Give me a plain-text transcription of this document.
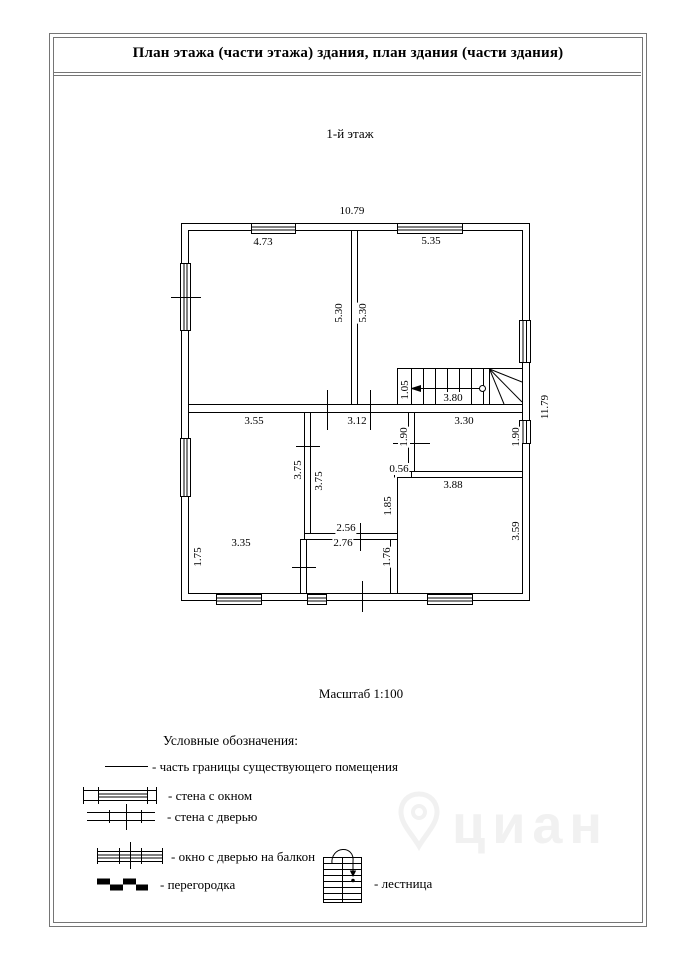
План этажа (части этажа) здания, план здания (части здания)
1-й этаж
циан
10.79
4.73	5.35
5.30 5.30
1.05	3.80	11.79
3.55	3.12	3.30
1.90	1.90
0.56
3.75
3.75	3.88
1.85
3.59
2.56
2.76
1.76
3.35
1.75
Масштаб 1:100
Условные обозначения:
- часть границы существующего помещения
- стена с окном
- стена с дверью
- окно с дверью на балкон
- перегородка	- лестница
